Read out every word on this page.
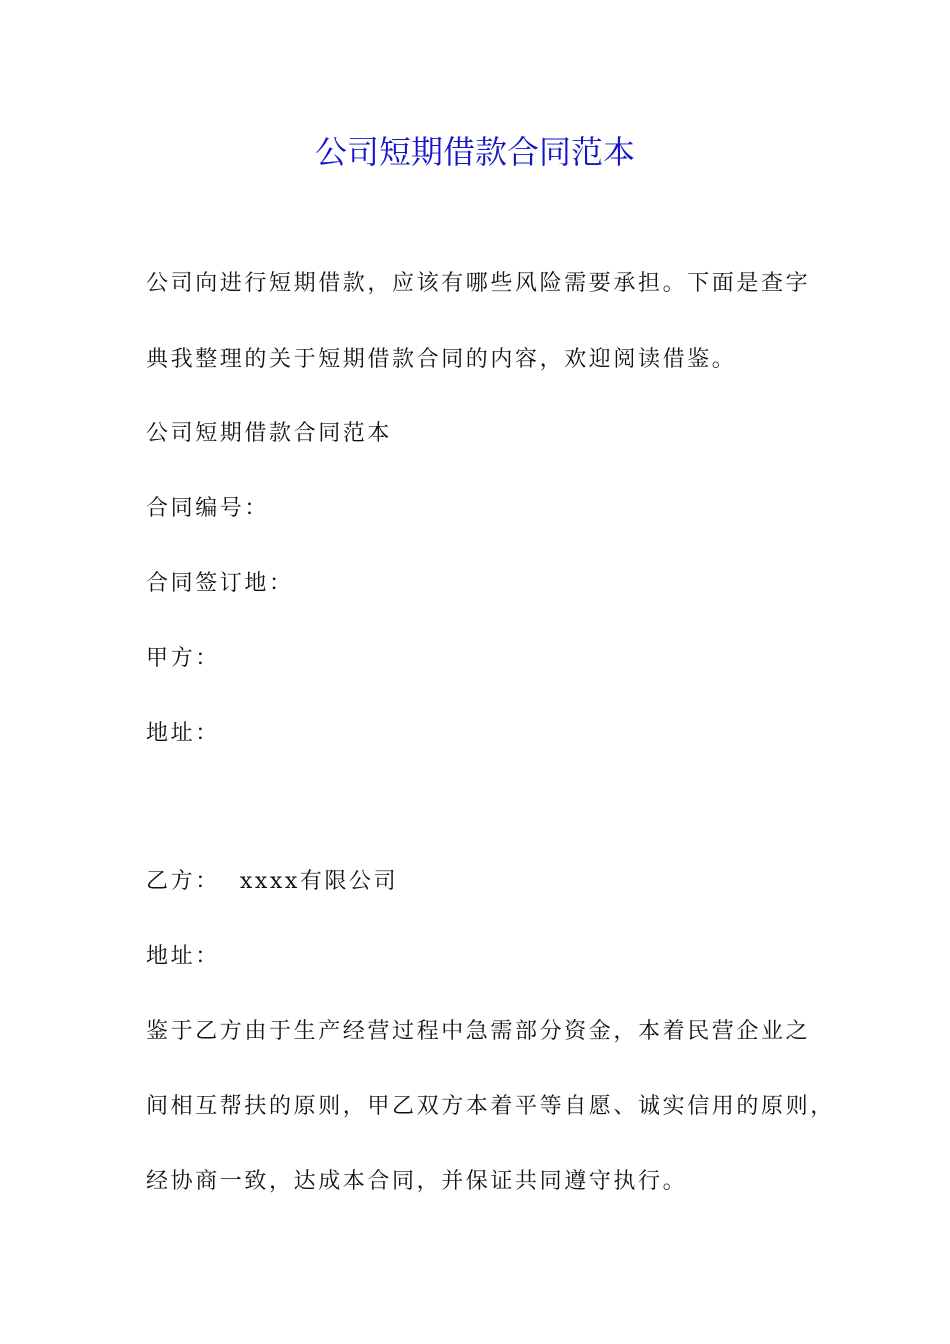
公司短期借款合同范本

公司向进行短期借款，应该有哪些风险需要承担。下面是查字

典我整理的关于短期借款合同的内容，欢迎阅读借鉴。

公司短期借款合同范本

合同编号：

合同签订地：

甲方：

地址：

乙方： xxxx有限公司

地址：

鉴于乙方由于生产经营过程中急需部分资金，本着民营企业之

间相互帮扶的原则，甲乙双方本着平等自愿、诚实信用的原则，

经协商一致，达成本合同，并保证共同遵守执行。
